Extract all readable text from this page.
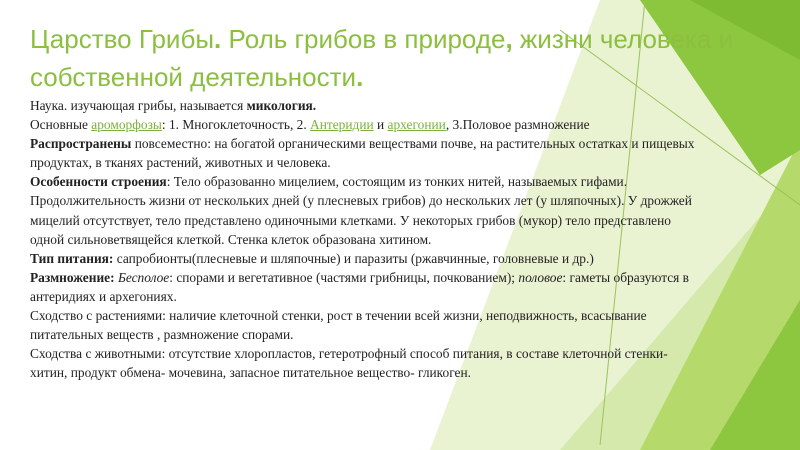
Царство Грибы. Роль грибов в природе, жизни человека и собственной деятельности.

Наука. изучающая грибы, называется микология.

Основные ароморфозы: 1. Многоклеточность, 2. Антеридии и архегонии, 3.Половое размножение

Распространены повсеместно: на богатой органическими веществами почве, на растительных остатках и пищевых продуктах, в тканях растений, животных и человека.

Особенности строения: Тело образованно мицелием, состоящим из тонких нитей, называемых гифами. Продолжительность жизни от нескольких дней (у плесневых грибов) до нескольких лет (у шляпочных). У дрожжей мицелий отсутствует, тело представлено одиночными клетками. У некоторых грибов (мукор) тело представлено одной сильноветвящейся клеткой. Стенка клеток образована хитином.

Тип питания: сапробионты(плесневые и шляпочные) и паразиты (ржавчинные, головневые и др.)

Размножение: Бесполое: спорами и вегетативное (частями грибницы, почкованием); половое: гаметы образуются в антеридиях и архегониях.

Сходство с растениями: наличие клеточной стенки, рост в течении всей жизни, неподвижность, всасывание питательных веществ , размножение спорами.

Сходства с животными: отсутствие хлоропластов, гетеротрофный способ питания, в составе клеточной стенки- хитин, продукт обмена- мочевина, запасное питательное вещество- гликоген.
